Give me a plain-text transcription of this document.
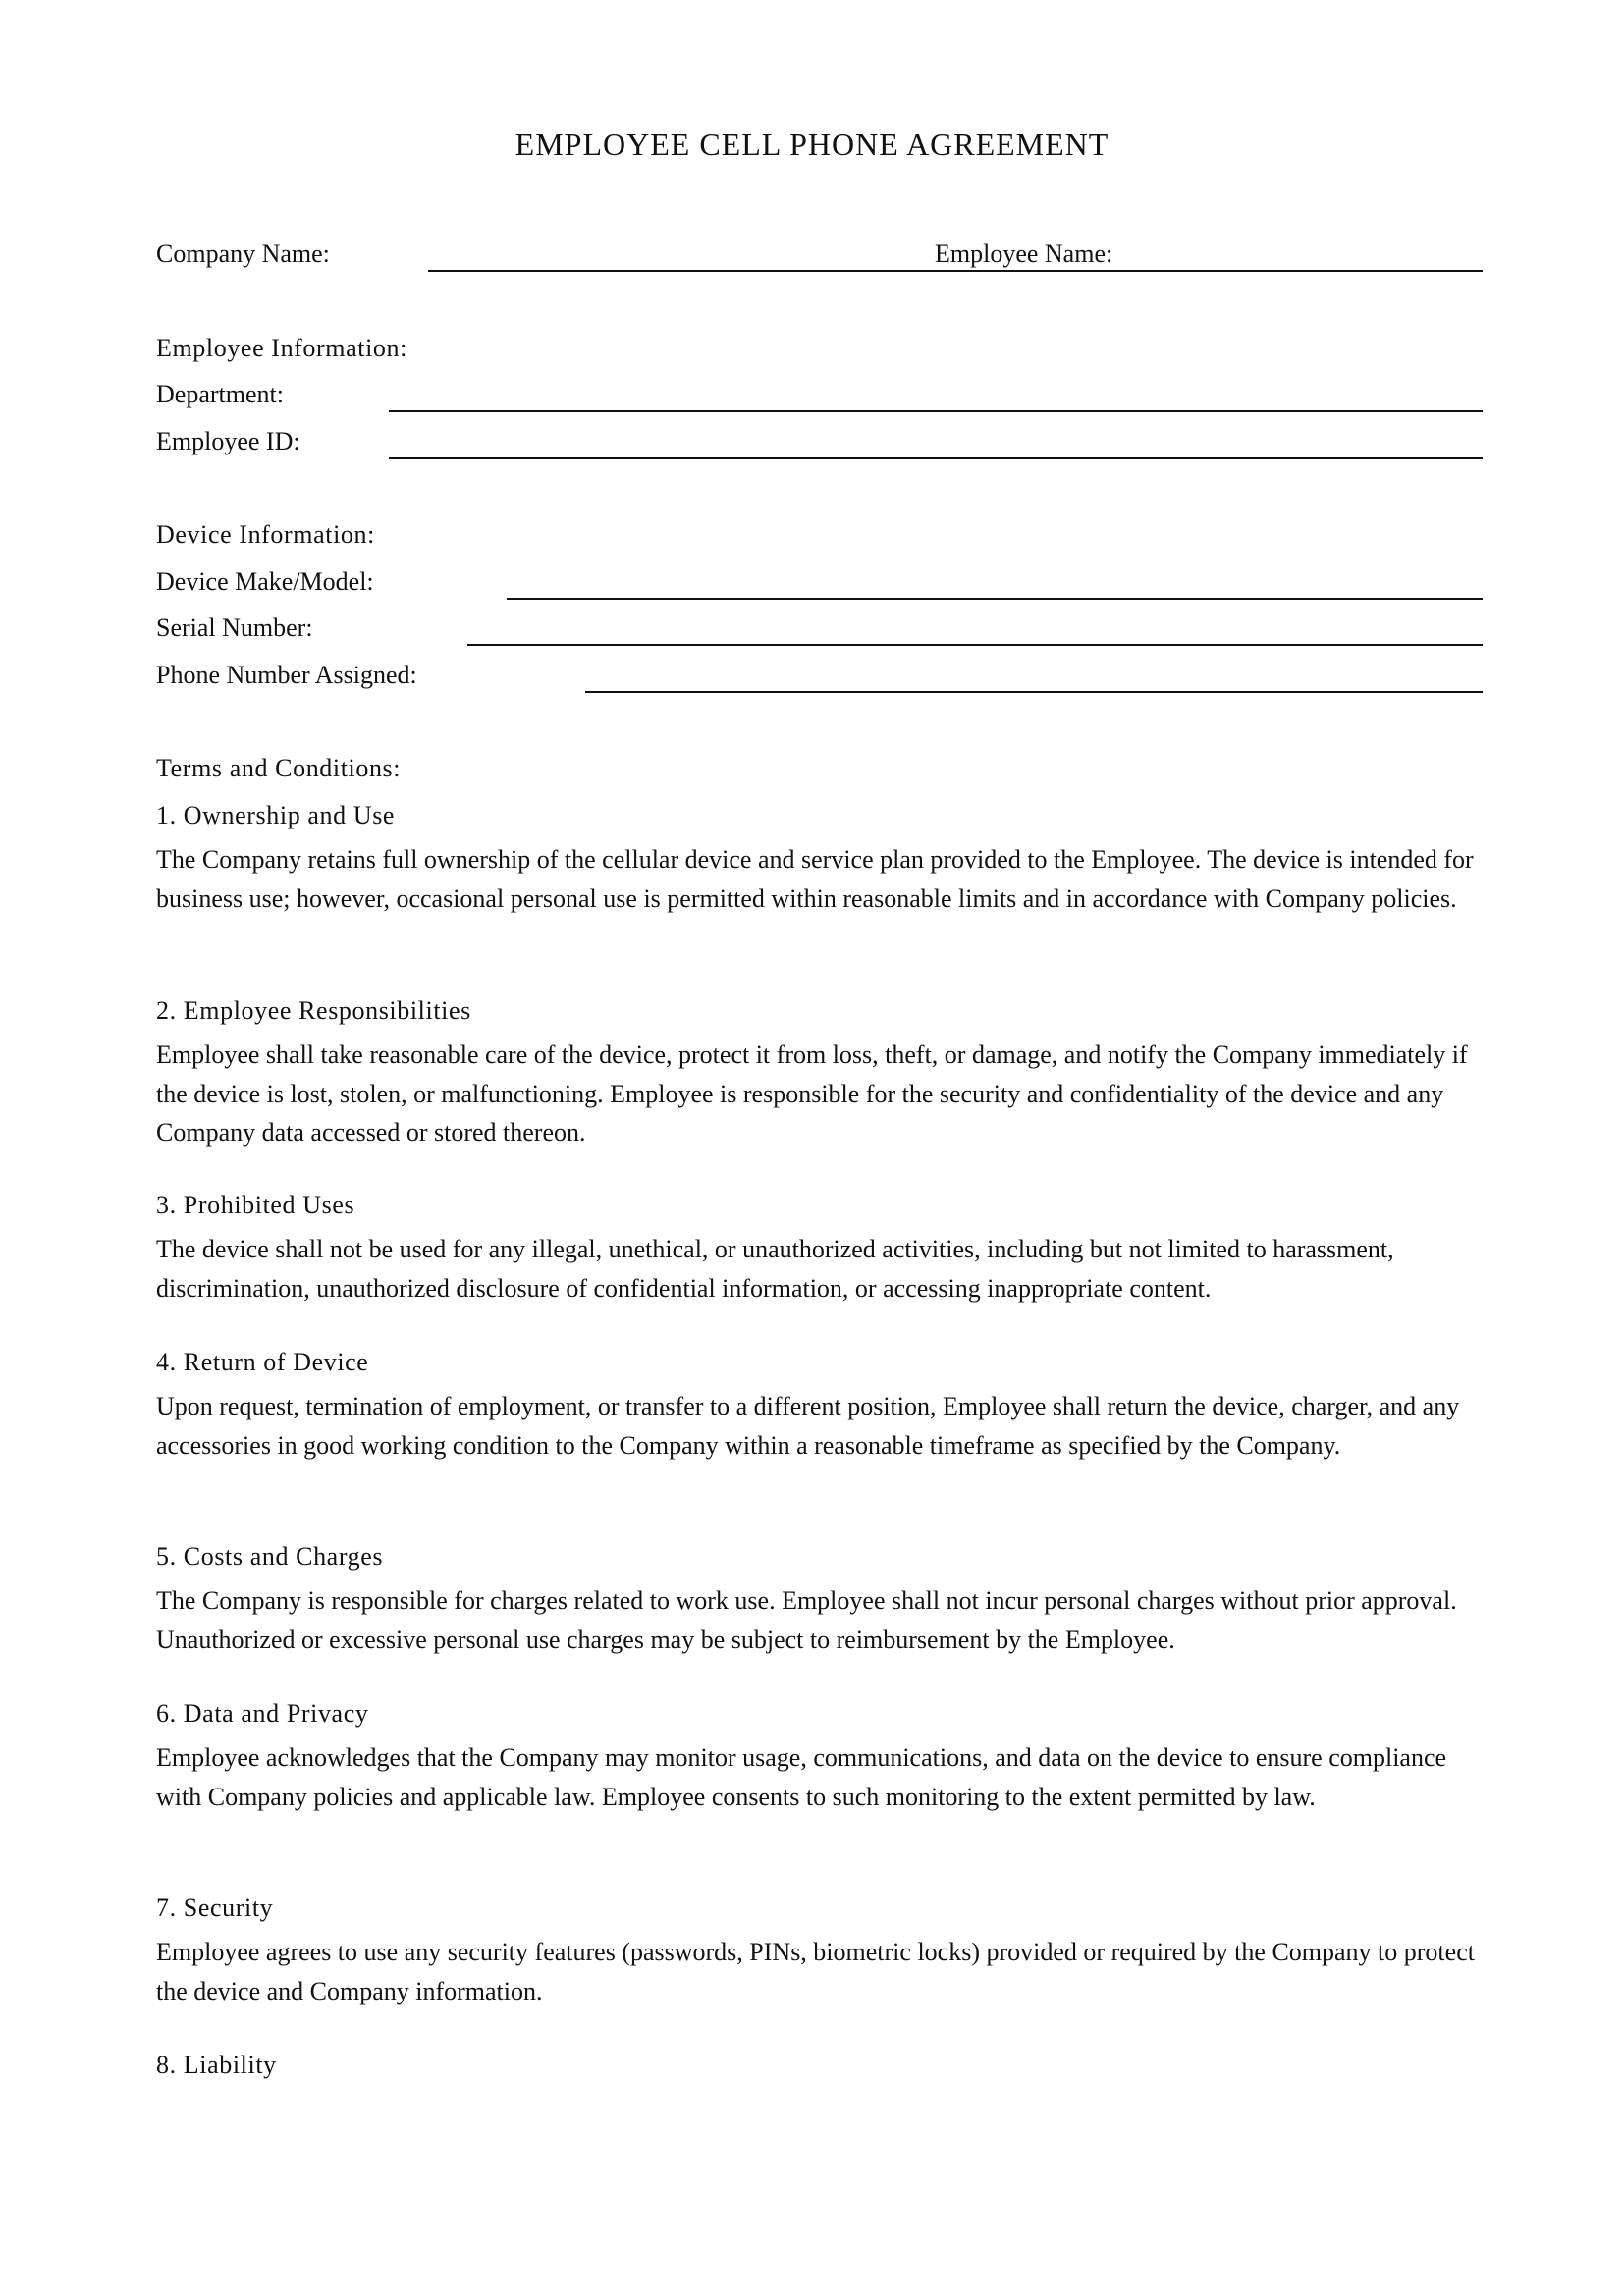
EMPLOYEE CELL PHONE AGREEMENT
Company Name:	Employee Name:
Employee Information:
Department:
Employee ID:
Device Information:
Device Make/Model:
Serial Number:
Phone Number Assigned:
Terms and Conditions:

1. Ownership and Use

The Company retains full ownership of the cellular device and service plan provided to the Employee. The device is intended for business use; however, occasional personal use is permitted within reasonable limits and in accordance with Company policies.

2. Employee Responsibilities

Employee shall take reasonable care of the device, protect it from loss, theft, or damage, and notify the Company immediately if the device is lost, stolen, or malfunctioning. Employee is responsible for the security and confidentiality of the device and any Company data accessed or stored thereon.

3. Prohibited Uses

The device shall not be used for any illegal, unethical, or unauthorized activities, including but not limited to harassment, discrimination, unauthorized disclosure of confidential information, or accessing inappropriate content.

4. Return of Device

Upon request, termination of employment, or transfer to a different position, Employee shall return the device, charger, and any accessories in good working condition to the Company within a reasonable timeframe as specified by the Company.

5. Costs and Charges

The Company is responsible for charges related to work use. Employee shall not incur personal charges without prior approval. Unauthorized or excessive personal use charges may be subject to reimbursement by the Employee.

6. Data and Privacy

Employee acknowledges that the Company may monitor usage, communications, and data on the device to ensure compliance with Company policies and applicable law. Employee consents to such monitoring to the extent permitted by law.

7. Security

Employee agrees to use any security features (passwords, PINs, biometric locks) provided or required by the Company to protect the device and Company information.

8. Liability
